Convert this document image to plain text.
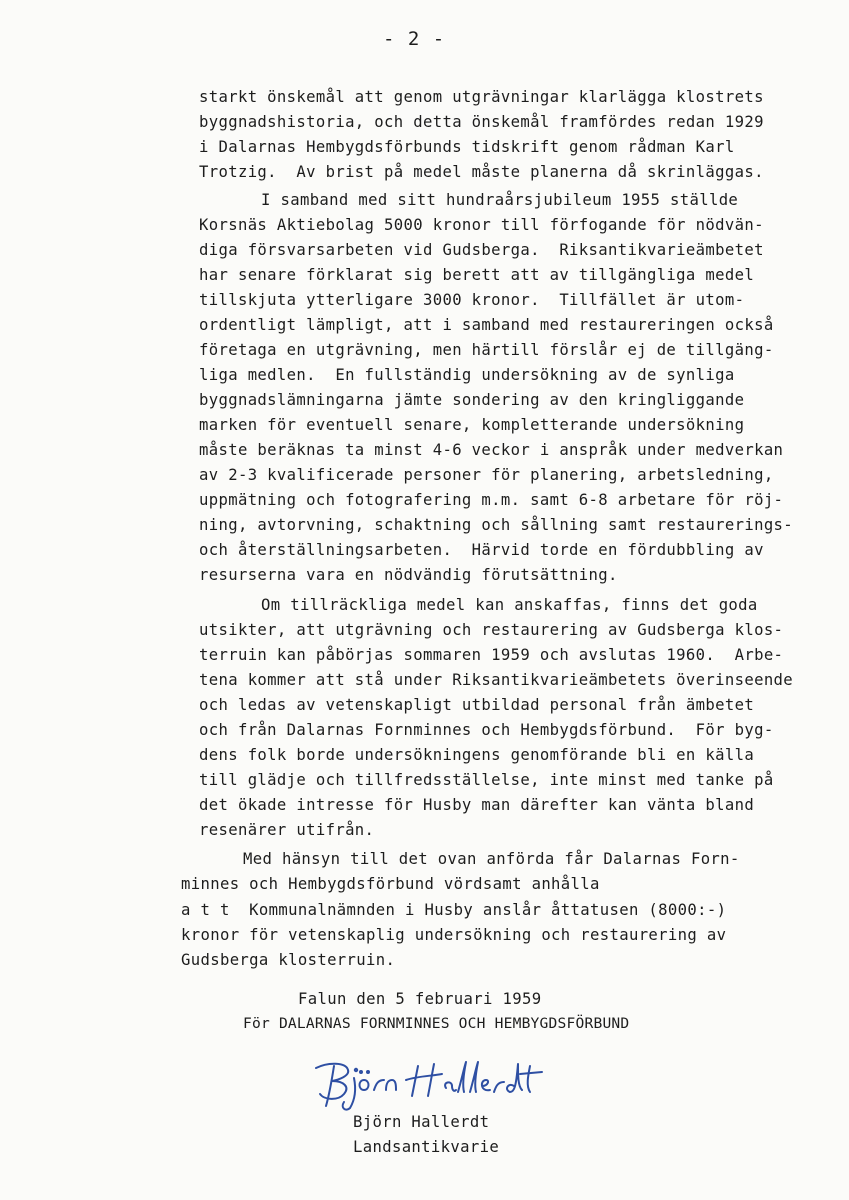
- 2 -
starkt önskemål att genom utgrävningar klarlägga klostrets
byggnadshistoria, och detta önskemål framfördes redan 1929
i Dalarnas Hembygdsförbunds tidskrift genom rådman Karl
Trotzig.  Av brist på medel måste planerna då skrinläggas.
I samband med sitt hundraårsjubileum 1955 ställde
Korsnäs Aktiebolag 5000 kronor till förfogande för nödvän-
diga försvarsarbeten vid Gudsberga.  Riksantikvarieämbetet
har senare förklarat sig berett att av tillgängliga medel
tillskjuta ytterligare 3000 kronor.  Tillfället är utom-
ordentligt lämpligt, att i samband med restaureringen också
företaga en utgrävning, men härtill förslår ej de tillgäng-
liga medlen.  En fullständig undersökning av de synliga
byggnadslämningarna jämte sondering av den kringliggande
marken för eventuell senare, kompletterande undersökning
måste beräknas ta minst 4-6 veckor i anspråk under medverkan
av 2-3 kvalificerade personer för planering, arbetsledning,
uppmätning och fotografering m.m. samt 6-8 arbetare för röj-
ning, avtorvning, schaktning och sållning samt restaurerings-
och återställningsarbeten.  Härvid torde en fördubbling av
resurserna vara en nödvändig förutsättning.
Om tillräckliga medel kan anskaffas, finns det goda
utsikter, att utgrävning och restaurering av Gudsberga klos-
terruin kan påbörjas sommaren 1959 och avslutas 1960.  Arbe-
tena kommer att stå under Riksantikvarieämbetets överinseende
och ledas av vetenskapligt utbildad personal från ämbetet
och från Dalarnas Fornminnes och Hembygdsförbund.  För byg-
dens folk borde undersökningens genomförande bli en källa
till glädje och tillfredsställelse, inte minst med tanke på
det ökade intresse för Husby man därefter kan vänta bland
resenärer utifrån.
Med hänsyn till det ovan anförda får Dalarnas Forn-
minnes och Hembygdsförbund vördsamt anhålla
a t t  Kommunalnämnden i Husby anslår åttatusen (8000:-)
kronor för vetenskaplig undersökning och restaurering av
Gudsberga klosterruin.
Falun den 5 februari 1959
För DALARNAS FORNMINNES OCH HEMBYGDSFÖRBUND
Björn Hallerdt
Landsantikvarie
